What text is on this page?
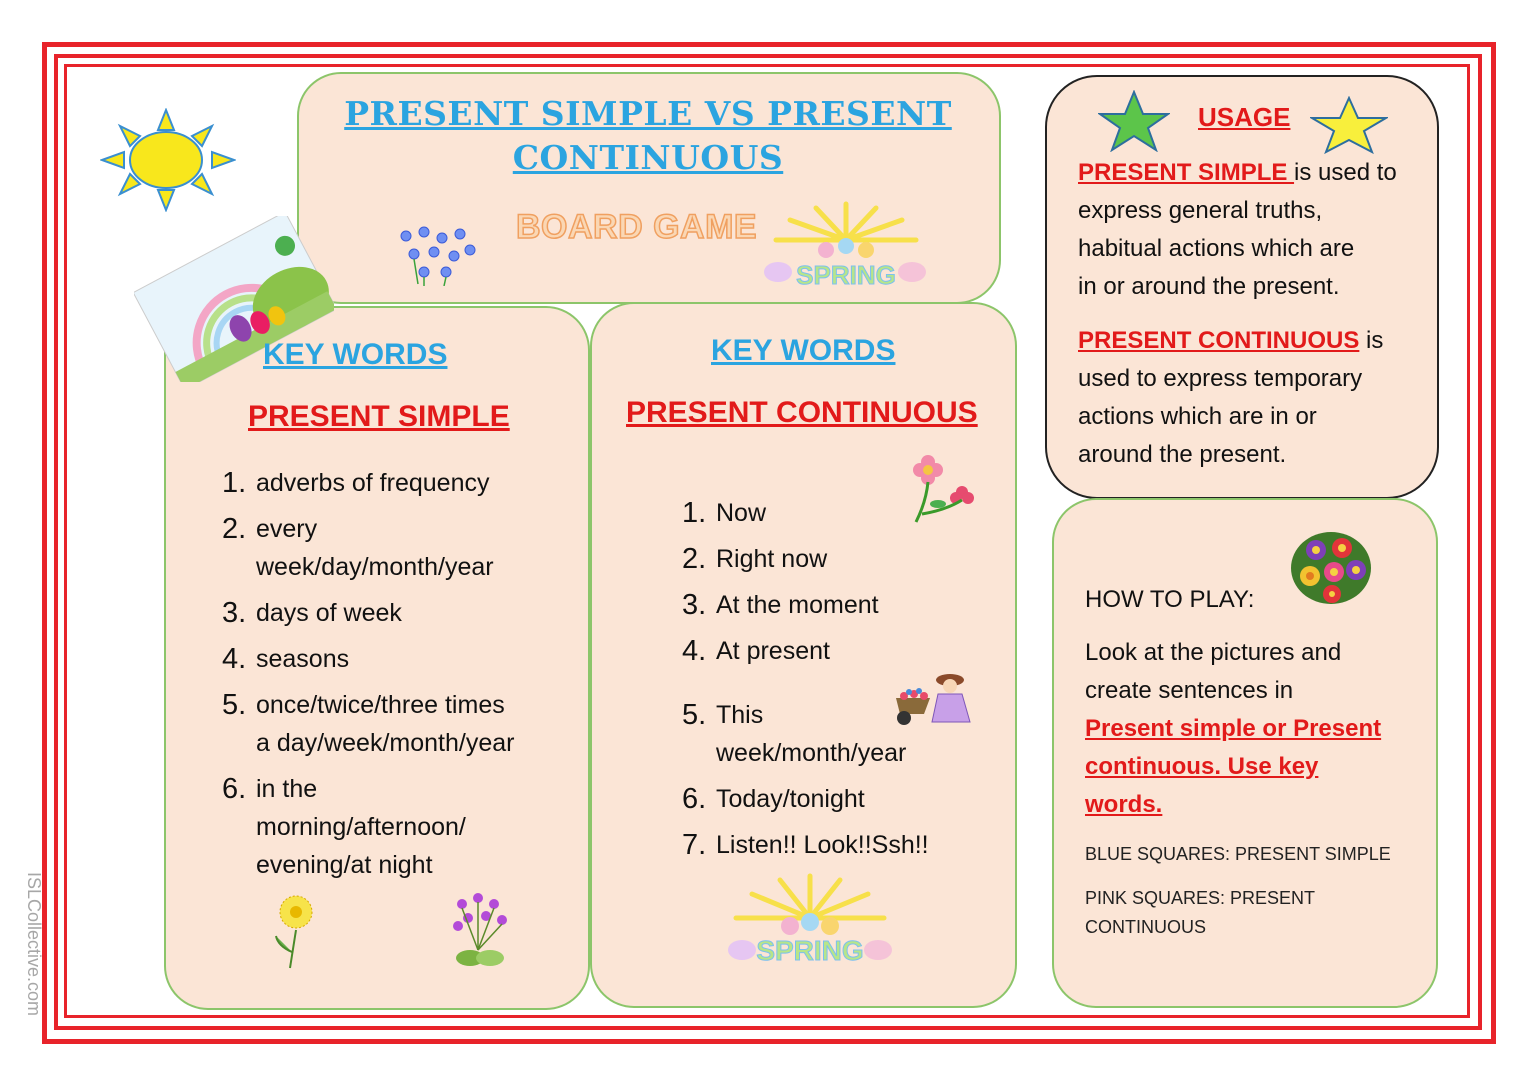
PRESENT SIMPLE VS PRESENT CONTINUOUS
BOARD GAME
SPRING
USAGE
PRESENT SIMPLE is used to
express general truths,
habitual actions which are
in or around the present.
PRESENT CONTINUOUS is
used to express temporary
actions which are in or
around the present.
KEY WORDS
PRESENT SIMPLE
1. adverbs of frequency
2. every
week/day/month/year
3. days of week
4. seasons
5. once/twice/three times
a day/week/month/year
6. in the
morning/afternoon/
evening/at night
KEY WORDS
PRESENT CONTINUOUS
1. Now
2. Right now
3. At the moment
4. At present
5. This
week/month/year
6. Today/tonight
7. Listen!! Look!!Ssh!!
SPRING
HOW TO PLAY:
Look at the pictures and
create sentences in
Present simple or Present
continuous. Use key
words.
BLUE SQUARES: PRESENT SIMPLE
PINK SQUARES: PRESENT
CONTINUOUS
ISLCollective.com
